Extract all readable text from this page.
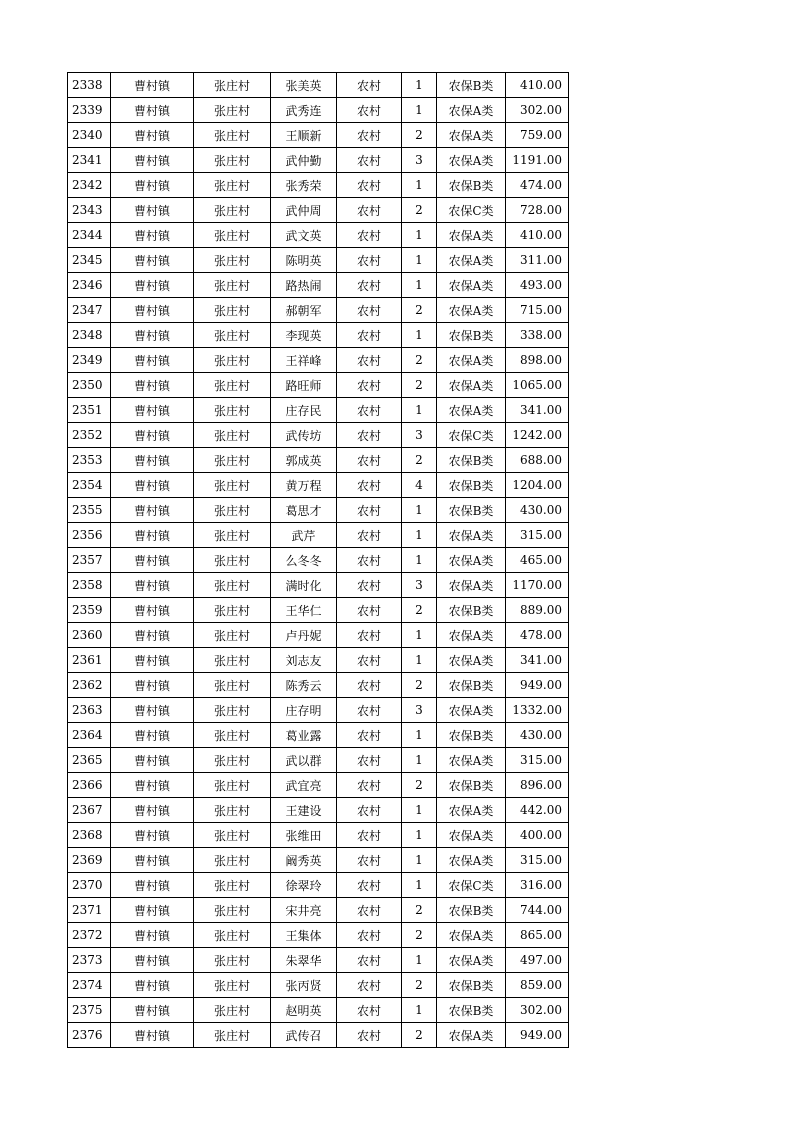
2338	曹村镇	张庄村	张美英	农村	1	农保B类	410.00
2339	曹村镇	张庄村	武秀连	农村	1	农保A类	302.00
2340	曹村镇	张庄村	王顺新	农村	2	农保A类	759.00
2341	曹村镇	张庄村	武仲勤	农村	3	农保A类	1191.00
2342	曹村镇	张庄村	张秀荣	农村	1	农保B类	474.00
2343	曹村镇	张庄村	武仲周	农村	2	农保C类	728.00
2344	曹村镇	张庄村	武文英	农村	1	农保A类	410.00
2345	曹村镇	张庄村	陈明英	农村	1	农保A类	311.00
2346	曹村镇	张庄村	路热闹	农村	1	农保A类	493.00
2347	曹村镇	张庄村	郝朝军	农村	2	农保A类	715.00
2348	曹村镇	张庄村	李现英	农村	1	农保B类	338.00
2349	曹村镇	张庄村	王祥峰	农村	2	农保A类	898.00
2350	曹村镇	张庄村	路旺师	农村	2	农保A类	1065.00
2351	曹村镇	张庄村	庄存民	农村	1	农保A类	341.00
2352	曹村镇	张庄村	武传坊	农村	3	农保C类	1242.00
2353	曹村镇	张庄村	郭成英	农村	2	农保B类	688.00
2354	曹村镇	张庄村	黄万程	农村	4	农保B类	1204.00
2355	曹村镇	张庄村	葛思才	农村	1	农保B类	430.00
2356	曹村镇	张庄村	武芹	农村	1	农保A类	315.00
2357	曹村镇	张庄村	么冬冬	农村	1	农保A类	465.00
2358	曹村镇	张庄村	满时化	农村	3	农保A类	1170.00
2359	曹村镇	张庄村	王华仁	农村	2	农保B类	889.00
2360	曹村镇	张庄村	卢丹妮	农村	1	农保A类	478.00
2361	曹村镇	张庄村	刘志友	农村	1	农保A类	341.00
2362	曹村镇	张庄村	陈秀云	农村	2	农保B类	949.00
2363	曹村镇	张庄村	庄存明	农村	3	农保A类	1332.00
2364	曹村镇	张庄村	葛业露	农村	1	农保B类	430.00
2365	曹村镇	张庄村	武以群	农村	1	农保A类	315.00
2366	曹村镇	张庄村	武宜亮	农村	2	农保B类	896.00
2367	曹村镇	张庄村	王建设	农村	1	农保A类	442.00
2368	曹村镇	张庄村	张维田	农村	1	农保A类	400.00
2369	曹村镇	张庄村	阚秀英	农村	1	农保A类	315.00
2370	曹村镇	张庄村	徐翠玲	农村	1	农保C类	316.00
2371	曹村镇	张庄村	宋井亮	农村	2	农保B类	744.00
2372	曹村镇	张庄村	王集体	农村	2	农保A类	865.00
2373	曹村镇	张庄村	朱翠华	农村	1	农保A类	497.00
2374	曹村镇	张庄村	张丙贤	农村	2	农保B类	859.00
2375	曹村镇	张庄村	赵明英	农村	1	农保B类	302.00
2376	曹村镇	张庄村	武传召	农村	2	农保A类	949.00
